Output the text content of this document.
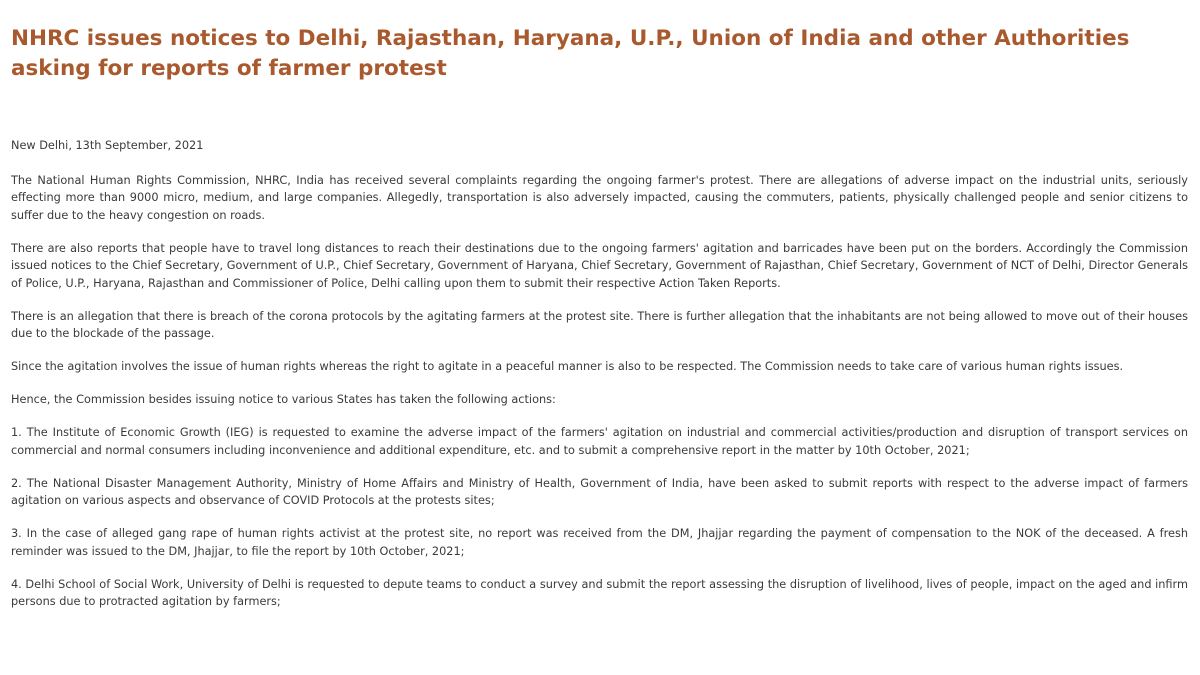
NHRC issues notices to Delhi, Rajasthan, Haryana, U.P., Union of India and other Authorities asking for reports of farmer protest

New Delhi, 13th September, 2021

The National Human Rights Commission, NHRC, India has received several complaints regarding the ongoing farmer's protest. There are allegations of adverse impact on the industrial units, seriously effecting more than 9000 micro, medium, and large companies. Allegedly, transportation is also adversely impacted, causing the commuters, patients, physically challenged people and senior citizens to suffer due to the heavy congestion on roads.

There are also reports that people have to travel long distances to reach their destinations due to the ongoing farmers' agitation and barricades have been put on the borders. Accordingly the Commission issued notices to the Chief Secretary, Government of U.P., Chief Secretary, Government of Haryana, Chief Secretary, Government of Rajasthan, Chief Secretary, Government of NCT of Delhi, Director Generals of Police, U.P., Haryana, Rajasthan and Commissioner of Police, Delhi calling upon them to submit their respective Action Taken Reports.

There is an allegation that there is breach of the corona protocols by the agitating farmers at the protest site. There is further allegation that the inhabitants are not being allowed to move out of their houses due to the blockade of the passage.

Since the agitation involves the issue of human rights whereas the right to agitate in a peaceful manner is also to be respected. The Commission needs to take care of various human rights issues.

Hence, the Commission besides issuing notice to various States has taken the following actions:

1. The Institute of Economic Growth (IEG) is requested to examine the adverse impact of the farmers' agitation on industrial and commercial activities/production and disruption of transport services on commercial and normal consumers including inconvenience and additional expenditure, etc. and to submit a comprehensive report in the matter by 10th October, 2021;

2. The National Disaster Management Authority, Ministry of Home Affairs and Ministry of Health, Government of India, have been asked to submit reports with respect to the adverse impact of farmers agitation on various aspects and observance of COVID Protocols at the protests sites;

3. In the case of alleged gang rape of human rights activist at the protest site, no report was received from the DM, Jhajjar regarding the payment of compensation to the NOK of the deceased. A fresh reminder was issued to the DM, Jhajjar, to file the report by 10th October, 2021;

4. Delhi School of Social Work, University of Delhi is requested to depute teams to conduct a survey and submit the report assessing the disruption of livelihood, lives of people, impact on the aged and infirm persons due to protracted agitation by farmers;
